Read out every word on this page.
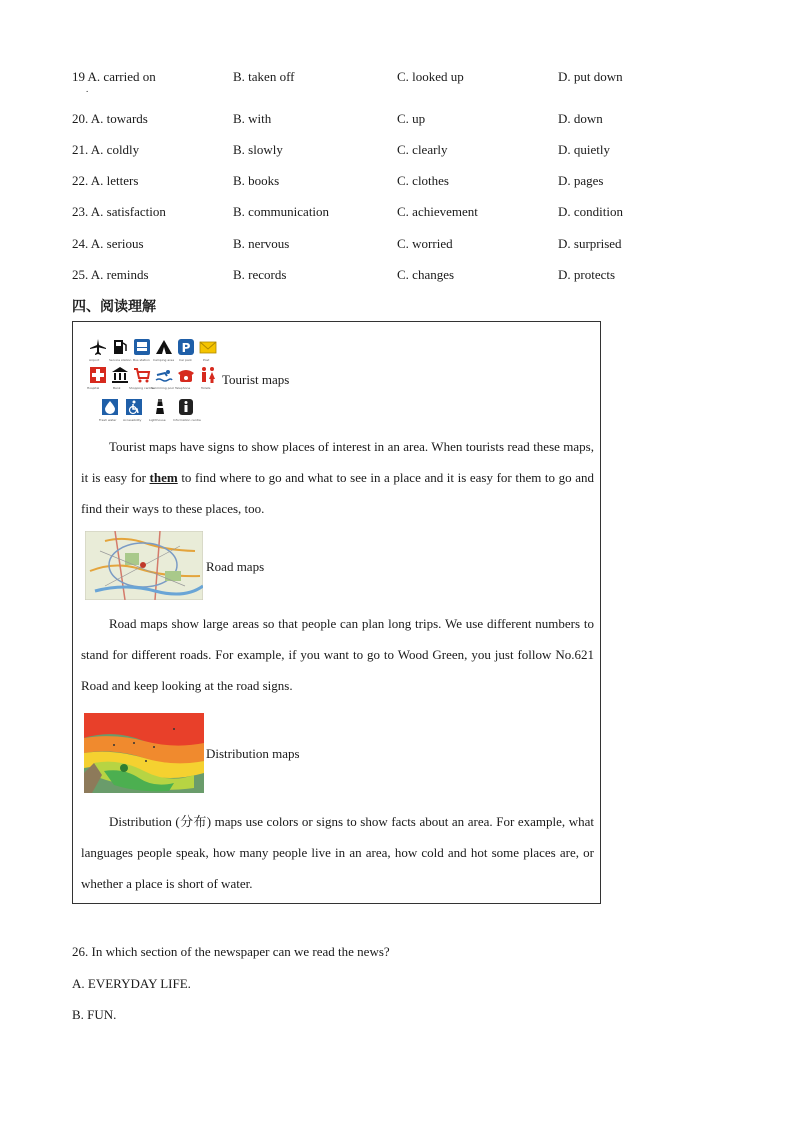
19 A. carried on	B. taken off	C. looked up	D. put down
.
20. A. towards	B. with	C. up	D. down
21. A. coldly	B. slowly	C. clearly	D. quietly
22. A. letters	B. books	C. clothes	D. pages
23. A. satisfaction	B. communication	C. achievement	D. condition
24. A. serious	B. nervous	C. worried	D. surprised
25. A. reminds	B. records	C. changes	D. protects
四、阅读理解
P
Airport	Service station Bus station Camping area Car park	Post
Hospital	Bank	Shopping centre
Swimming pool Telephone	Toilets
Fresh water Accessibility	Lighthouse Information centre
Tourist maps
Tourist maps have signs to show places of interest in an area. When tourists read these maps, it is easy for them to find where to go and what to see in a place and it is easy for them to go and find their ways to these places, too.
Road maps
Road maps show large areas so that people can plan long trips. We use different numbers to stand for different roads. For example, if you want to go to Wood Green, you just follow No.621 Road and keep looking at the road signs.
Distribution maps
Distribution (分布) maps use colors or signs to show facts about an area. For example, what languages people speak, how many people live in an area, how cold and hot some places are, or whether a place is short of water.
26. In which section of the newspaper can we read the news?
A. EVERYDAY LIFE.
B. FUN.
